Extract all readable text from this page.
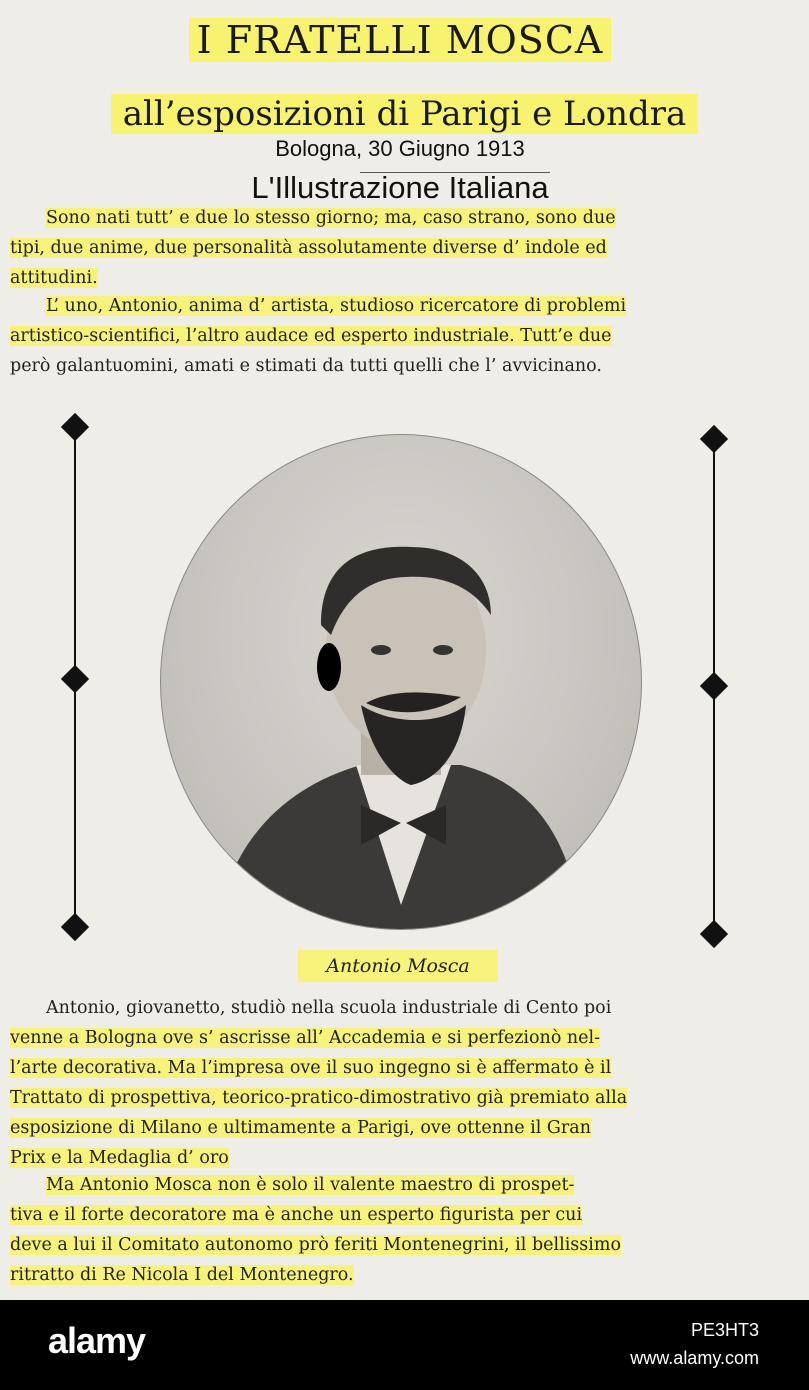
I FRATELLI MOSCA
all’esposizioni di Parigi e Londra
Bologna, 30 Giugno 1913
L'Illustrazione Italiana
Sono nati tutt’ e due lo stesso giorno; ma, caso strano, sono due
tipi, due anime, due personalità assolutamente diverse d’ indole ed
attitudini.
L’ uno, Antonio, anima d’ artista, studioso ricercatore di problemi
artistico-scientifici, l’altro audace ed esperto industriale. Tutt’e due
però galantuomini, amati e stimati da tutti quelli che l’ avvicinano.
Antonio Mosca
Antonio, giovanetto, studiò nella scuola industriale di Cento poi
venne a Bologna ove s’ ascrisse all’ Accademia e si perfezionò nel-
l’arte decorativa. Ma l’impresa ove il suo ingegno si è affermato è il
Trattato di prospettiva, teorico-pratico-dimostrativo già premiato alla
esposizione di Milano e ultimamente a Parigi, ove ottenne il Gran
Prix e la Medaglia d’ oro
Ma Antonio Mosca non è solo il valente maestro di prospet-
tiva e il forte decoratore ma è anche un esperto figurista per cui
deve a lui il Comitato autonomo prò feriti Montenegrini, il bellissimo
ritratto di Re Nicola I del Montenegro.
alamy	PE3HT3
www.alamy.com
